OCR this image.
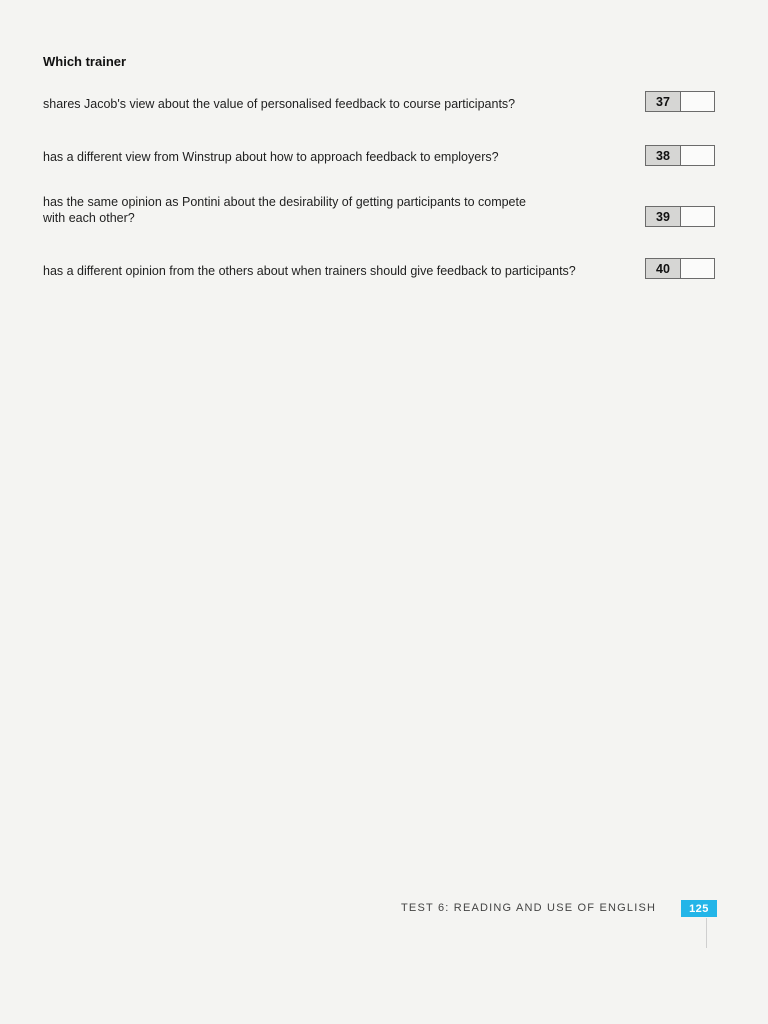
Which trainer
shares Jacob's view about the value of personalised feedback to course participants?	37
has a different view from Winstrup about how to approach feedback to employers?	38
has the same opinion as Pontini about the desirability of getting participants to compete
with each other?	39
has a different opinion from the others about when trainers should give feedback to participants?	40
TEST 6: READING AND USE OF ENGLISH	125
